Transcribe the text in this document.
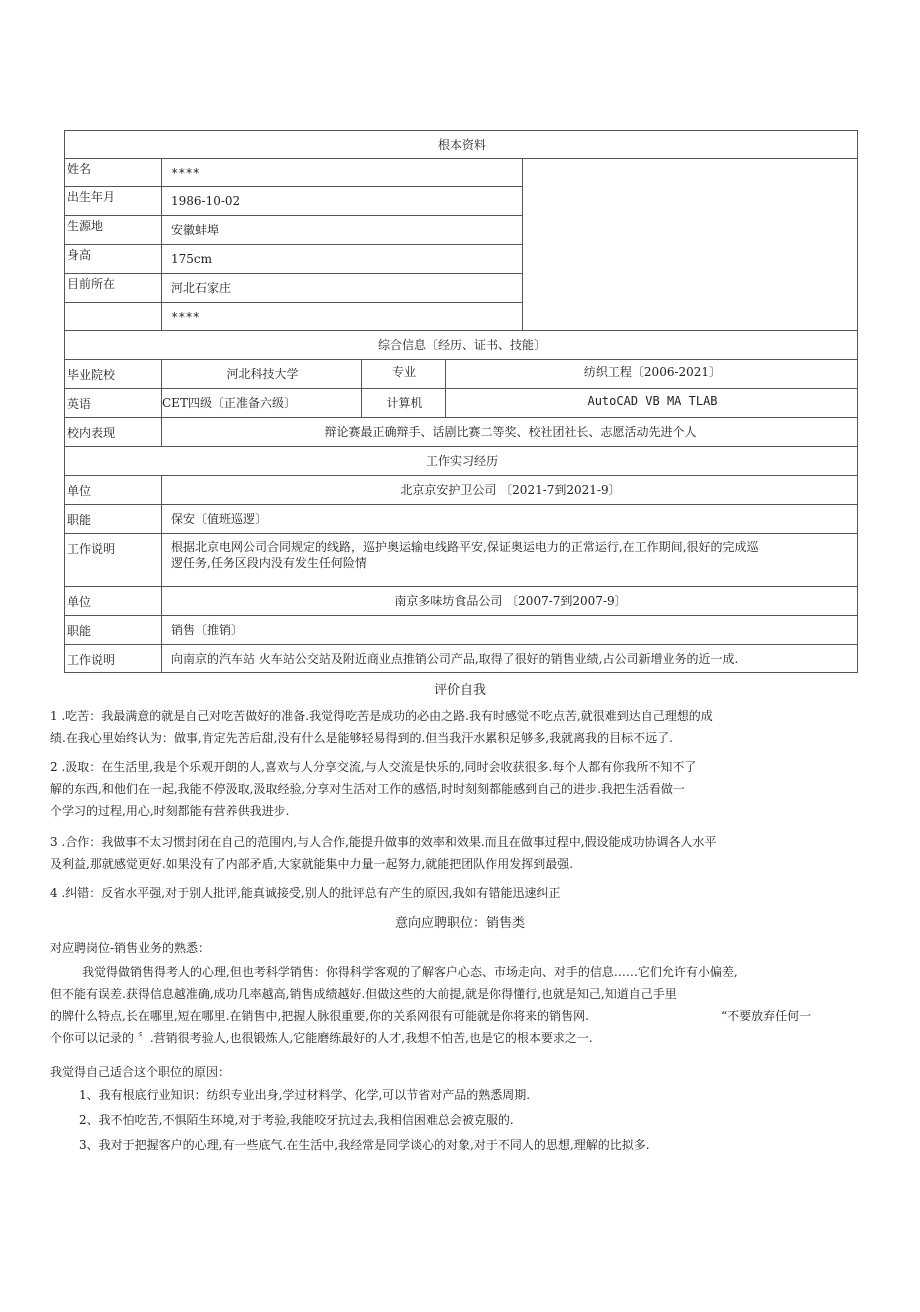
根本资料				
姓名	****			
出生年月	1986-10-02			
生源地	安徽蚌埠			
身高	175cm			
目前所在	河北石家庄			
	****			
综合信息〔经历、证书、技能〕				
毕业院校	河北科技大学	专业	纺织工程〔2006-2021〕	
英语	CET四级〔正准备六级〕	计算机	AutoCAD VB MA TLAB	
校内表现	辩论赛最正确辩手、话剧比赛二等奖、校社团社长、志愿活动先进个人			
工作实习经历				
单位	北京京安护卫公司 〔2021-7到2021-9〕			
职能	保安〔值班巡逻〕			
工作说明	根据北京电网公司合同规定的线路，巡护奥运输电线路平安,保证奥运电力的正常运行,在工作期间,很好的完成巡
逻任务,任务区段内没有发生任何险情			

单位	南京多味坊食品公司 〔2007-7到2007-9〕			
职能	销售〔推销〕			
工作说明	向南京的汽车站 火车站公交站及附近商业点推销公司产品,取得了很好的销售业绩,占公司新增业务的近一成.			
评价自我
1 .吃苦：我最满意的就是自己对吃苦做好的准备.我觉得吃苦是成功的必由之路.我有时感觉不吃点苦,就很难到达自己理想的成
绩.在我心里始终认为：做事,肯定先苦后甜,没有什么是能够轻易得到的.但当我汗水累积足够多,我就离我的目标不远了.
2 .汲取：在生活里,我是个乐观开朗的人,喜欢与人分享交流,与人交流是快乐的,同时会收获很多.每个人都有你我所不知不了
解的东西,和他们在一起,我能不停汲取,汲取经验,分享对生活对工作的感悟,时时刻刻都能感到自己的进步.我把生活看做一
个学习的过程,用心,时刻都能有营养供我进步.
3 .合作：我做事不太习惯封闭在自己的范围内,与人合作,能提升做事的效率和效果.而且在做事过程中,假设能成功协调各人水平
及利益,那就感觉更好.如果没有了内部矛盾,大家就能集中力量一起努力,就能把团队作用发挥到最强.
4 .纠错：反省水平强,对于别人批评,能真诚接受,别人的批评总有产生的原因,我如有错能迅速纠正
意向应聘职位：销售类
对应聘岗位-销售业务的熟悉：
我觉得做销售得考人的心理,但也考科学销售：你得科学客观的了解客户心态、市场走向、对手的信息……它们允许有小偏差,
但不能有误差.获得信息越准确,成功几率越高,销售成绩越好.但做这些的大前提,就是你得懂行,也就是知己,知道自己手里
的牌什么特点,长在哪里,短在哪里.在销售中,把握人脉很重要,你的关系网很有可能就是你将来的销售网.
个你可以记录的 〞.营销很考验人,也很锻炼人,它能磨练最好的人才,我想不怕苦,也是它的根本要求之一.
“不要放弃任何一
我觉得自己适合这个职位的原因：
1、我有根底行业知识：纺织专业出身,学过材料学、化学,可以节省对产品的熟悉周期.
2、我不怕吃苦,不惧陌生环境,对于考验,我能咬牙抗过去,我相信困难总会被克服的.
3、我对于把握客户的心理,有一些底气.在生活中,我经常是同学谈心的对象,对于不同人的思想,理解的比拟多.
